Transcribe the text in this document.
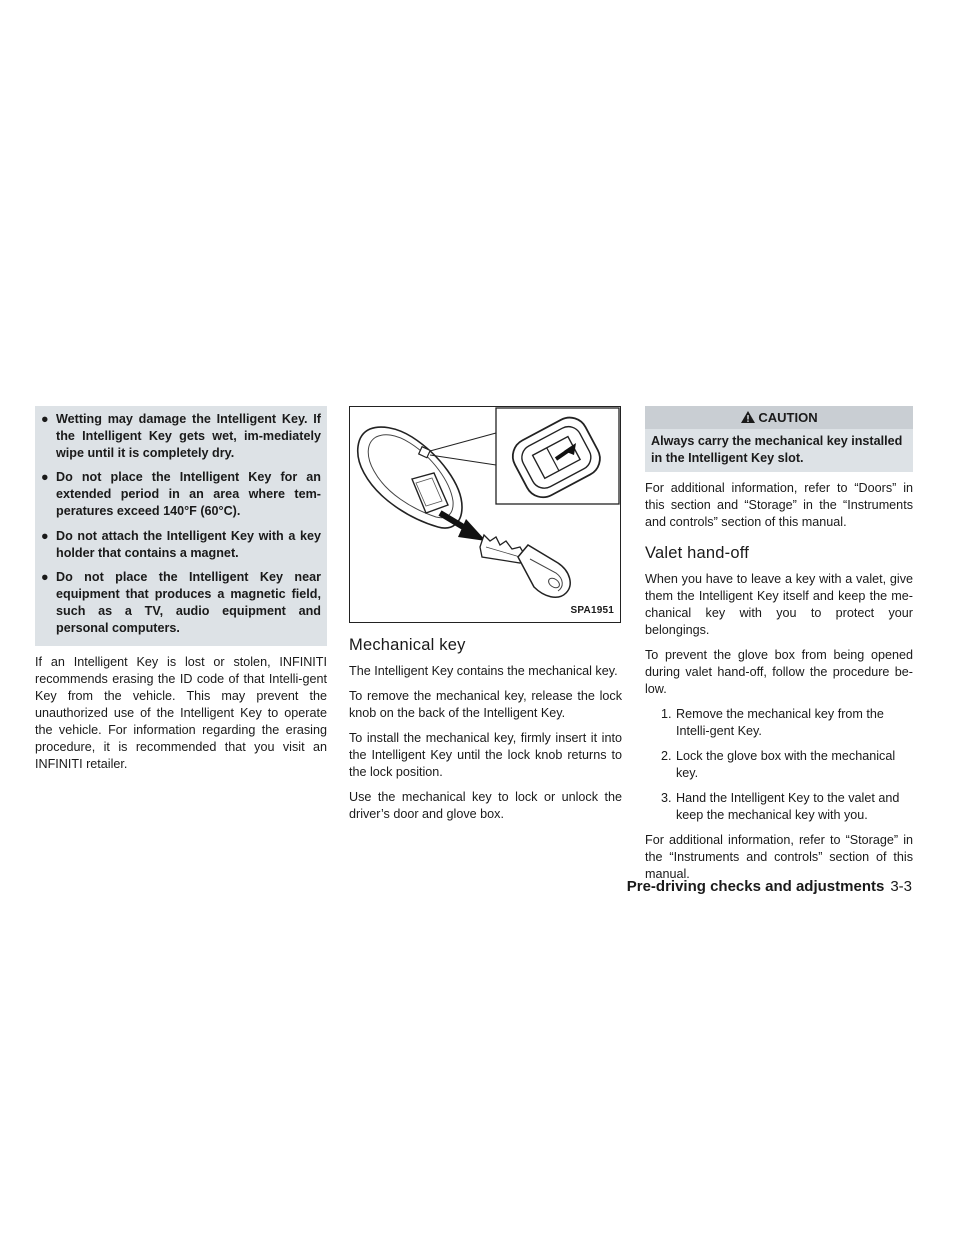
● Wetting may damage the Intelligent Key. If the Intelligent Key gets wet, im-mediately wipe until it is completely dry.
● Do not place the Intelligent Key for an extended period in an area where tem-peratures exceed 140°F (60°C).
● Do not attach the Intelligent Key with a key holder that contains a magnet.
● Do not place the Intelligent Key near equipment that produces a magnetic field, such as a TV, audio equipment and personal computers.

If an Intelligent Key is lost or stolen, INFINITI recommends erasing the ID code of that Intelli-gent Key from the vehicle. This may prevent the unauthorized use of the Intelligent Key to operate the vehicle. For information regarding the erasing procedure, it is recommended that you visit an INFINITI retailer.

SPA1951
Mechanical key

The Intelligent Key contains the mechanical key.

To remove the mechanical key, release the lock knob on the back of the Intelligent Key.

To install the mechanical key, firmly insert it into the Intelligent Key until the lock knob returns to the lock position.

Use the mechanical key to lock or unlock the driver’s door and glove box.

CAUTION
Always carry the mechanical key installed in the Intelligent Key slot.

For additional information, refer to “Doors” in this section and “Storage” in the “Instruments and controls” section of this manual.

Valet hand-off

When you have to leave a key with a valet, give them the Intelligent Key itself and keep the me-chanical key with you to protect your belongings.

To prevent the glove box from being opened during valet hand-off, follow the procedure be-low.

1. Remove the mechanical key from the Intelli-gent Key.
2. Lock the glove box with the mechanical key.
3. Hand the Intelligent Key to the valet and keep the mechanical key with you.

For additional information, refer to “Storage” in the “Instruments and controls” section of this manual.

Pre-driving checks and adjustments 3-3
